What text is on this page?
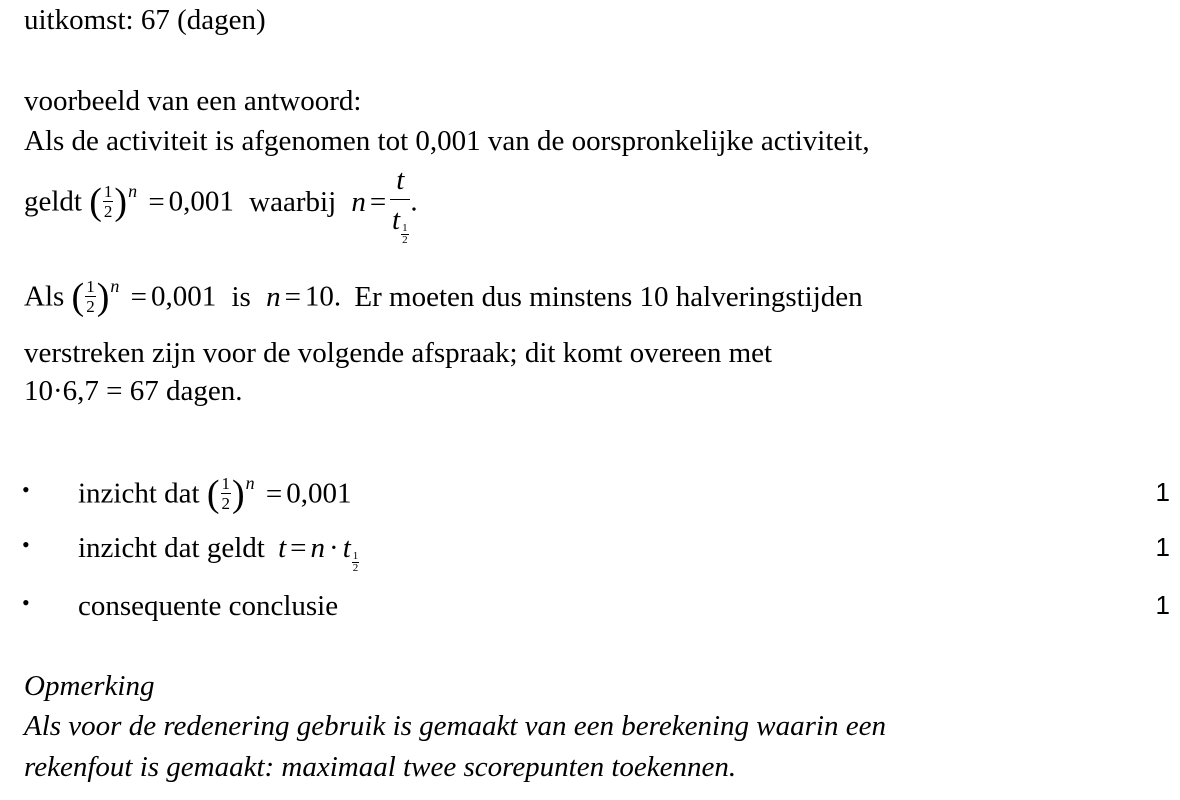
uitkomst: 67 (dagen)
voorbeeld van een antwoord:
Als de activiteit is afgenomen tot 0,001 van de oorspronkelijke activiteit,
geldt ( $\frac{1}{2} )^n = 0,001$ waarbij $n = \frac{t}{t \frac{1}{2}}$ .
Als ( $\frac{1}{2} )^n = 0,001$ is n = 10. Er moeten dus minstens 10 halveringstijden
verstreken zijn voor de volgende afspraak; dit komt overeen met
10·6,7 = 67 dagen.
• inzicht dat ( $\frac{1}{2} )^n = 0,001$	1
• inzicht dat geldt t = n · t $\frac{1}{2}$
1
• consequente conclusie	1
Opmerking
Als voor de redenering gebruik is gemaakt van een berekening waarin een
rekenfout is gemaakt: maximaal twee scorepunten toekennen.
